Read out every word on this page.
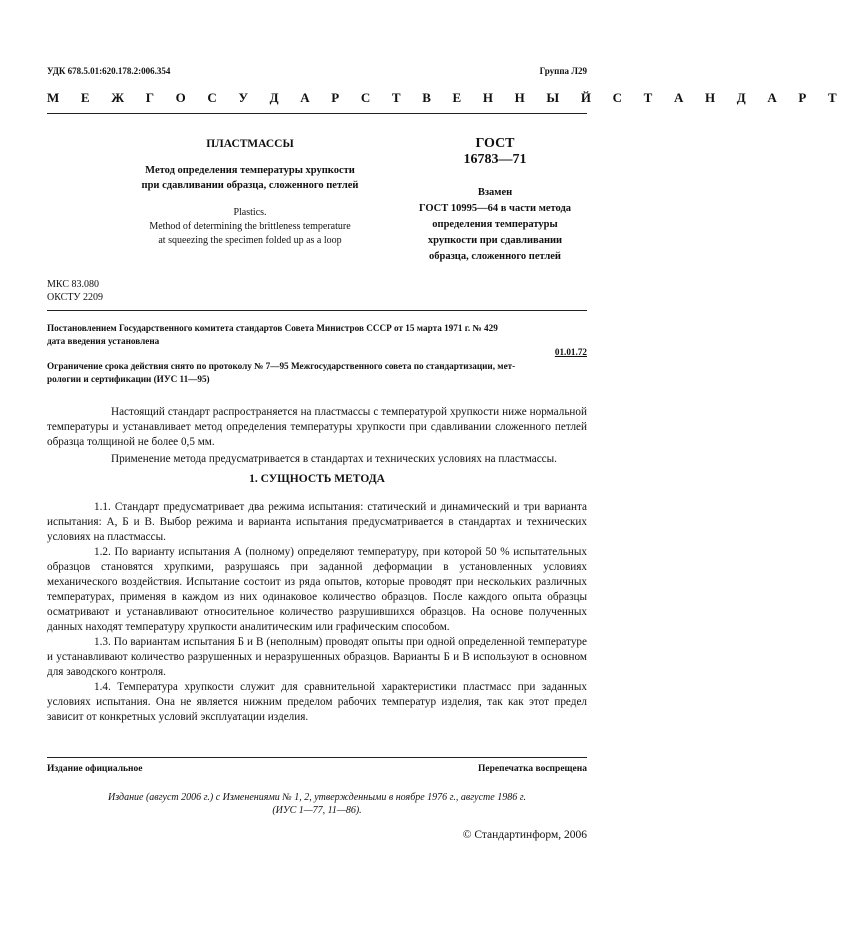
УДК 678.5.01:620.178.2:006.354	Группа Л29
М Е Ж Г О С У Д А Р С Т В Е Н Н Ы Й С Т А Н Д А Р Т
ПЛАСТМАССЫ
Метод определения температуры хрупкости
при сдавливании образца, сложенного петлей
Plastics.
Method of determining the brittleness temperature
at squeezing the specimen folded up as a loop
ГОСТ
16783—71
Взамен
ГОСТ 10995—64 в части метода
определения температуры
хрупкости при сдавливании
образца, сложенного петлей
МКС 83.080
ОКСТУ 2209
Постановлением Государственного комитета стандартов Совета Министров СССР от 15 марта 1971 г. № 429
дата введения установлена
01.01.72
Ограничение срока действия снято по протоколу № 7—95 Межгосударственного совета по стандартизации, мет-
рологии и сертификации (ИУС 11—95)

Настоящий стандарт распространяется на пластмассы с температурой хрупкости ниже нормальной температуры и устанавливает метод определения температуры хрупкости при сдавливании сложенного петлей образца толщиной не более 0,5 мм.

Применение метода предусматривается в стандартах и технических условиях на пластмассы.

1. СУЩНОСТЬ МЕТОДА

1.1. Стандарт предусматривает два режима испытания: статический и динамический и три варианта испытания: А, Б и В. Выбор режима и варианта испытания предусматривается в стандартах и технических условиях на пластмассы.

1.2. По варианту испытания А (полному) определяют температуру, при которой 50 % испытательных образцов становятся хрупкими, разрушаясь при заданной деформации в установленных условиях механического воздействия. Испытание состоит из ряда опытов, которые проводят при нескольких различных температурах, применяя в каждом из них одинаковое количество образцов. После каждого опыта образцы осматривают и устанавливают относительное количество разрушившихся образцов. На основе полученных данных находят температуру хрупкости аналитическим или графическим способом.

1.3. По вариантам испытания Б и В (неполным) проводят опыты при одной определенной температуре и устанавливают количество разрушенных и неразрушенных образцов. Варианты Б и В используют в основном для заводского контроля.

1.4. Температура хрупкости служит для сравнительной характеристики пластмасс при заданных условиях испытания. Она не является нижним пределом рабочих температур изделия, так как этот предел зависит от конкретных условий эксплуатации изделия.

Издание официальное	Перепечатка воспрещена
Издание (август 2006 г.) с Изменениями № 1, 2, утвержденными в ноябре 1976 г., августе 1986 г.
(ИУС 1—77, 11—86).
© Стандартинформ, 2006
